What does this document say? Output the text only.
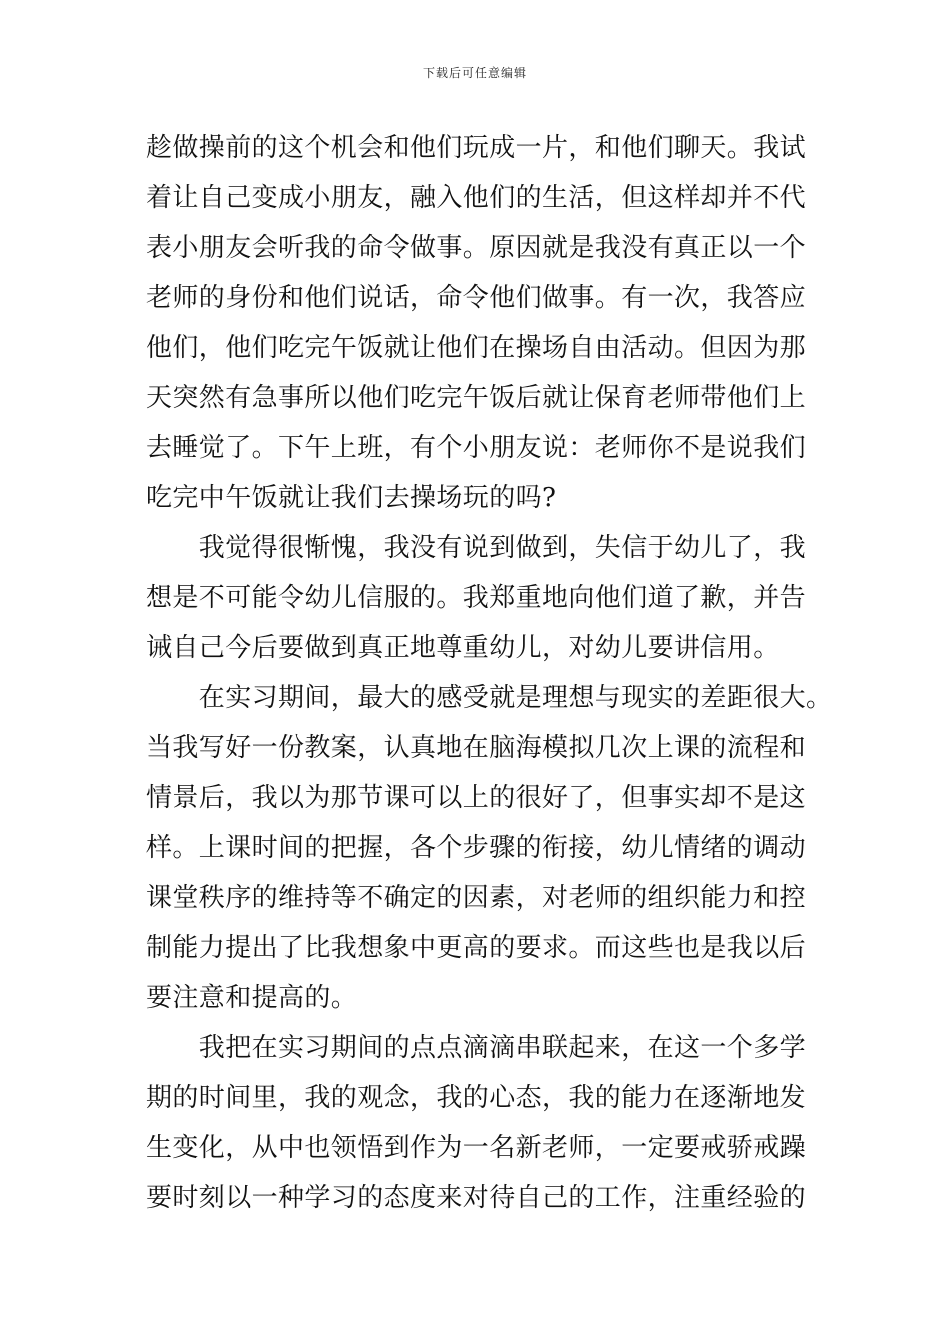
下载后可任意编辑
趁做操前的这个机会和他们玩成一片，和他们聊天。我试
着让自己变成小朋友，融入他们的生活，但这样却并不代
表小朋友会听我的命令做事。原因就是我没有真正以一个
老师的身份和他们说话，命令他们做事。有一次，我答应
他们，他们吃完午饭就让他们在操场自由活动。但因为那
天突然有急事所以他们吃完午饭后就让保育老师带他们上
去睡觉了。下午上班，有个小朋友说：老师你不是说我们
吃完中午饭就让我们去操场玩的吗?
　　我觉得很惭愧，我没有说到做到，失信于幼儿了，我
想是不可能令幼儿信服的。我郑重地向他们道了歉，并告
诫自己今后要做到真正地尊重幼儿，对幼儿要讲信用。
　　在实习期间，最大的感受就是理想与现实的差距很大。
当我写好一份教案，认真地在脑海模拟几次上课的流程和
情景后，我以为那节课可以上的很好了，但事实却不是这
样。上课时间的把握，各个步骤的衔接，幼儿情绪的调动
课堂秩序的维持等不确定的因素，对老师的组织能力和控
制能力提出了比我想象中更高的要求。而这些也是我以后
要注意和提高的。
　　我把在实习期间的点点滴滴串联起来，在这一个多学
期的时间里，我的观念，我的心态，我的能力在逐渐地发
生变化，从中也领悟到作为一名新老师，一定要戒骄戒躁
要时刻以一种学习的态度来对待自己的工作，注重经验的
